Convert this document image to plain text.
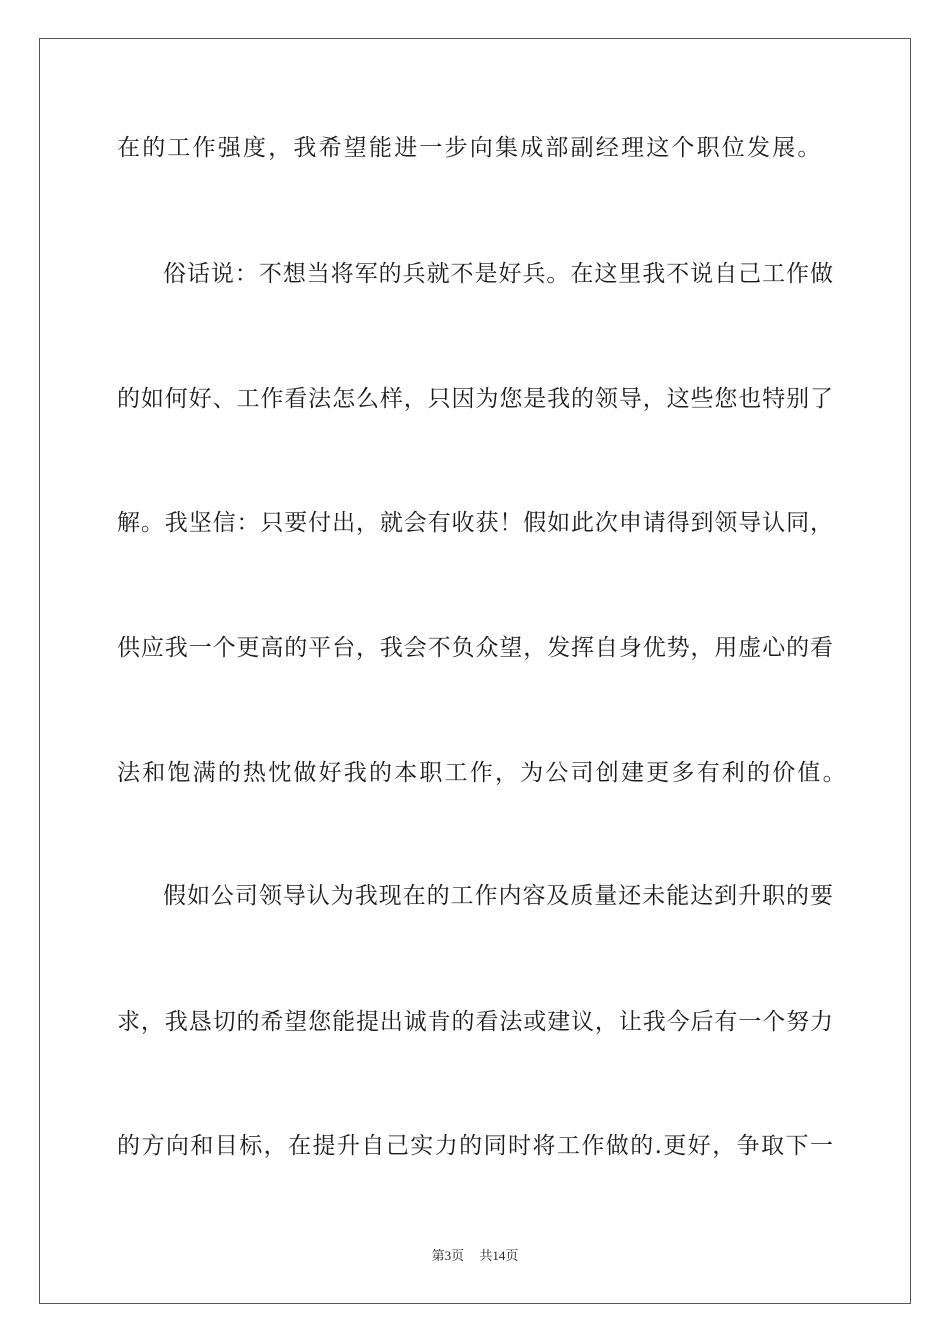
在的工作强度，我希望能进一步向集成部副经理这个职位发展。
俗话说：不想当将军的兵就不是好兵。在这里我不说自己工作做
的如何好、工作看法怎么样，只因为您是我的领导，这些您也特别了
解。我坚信：只要付出，就会有收获！假如此次申请得到领导认同，
供应我一个更高的平台，我会不负众望，发挥自身优势，用虚心的看
法和饱满的热忱做好我的本职工作，为公司创建更多有利的价值。
假如公司领导认为我现在的工作内容及质量还未能达到升职的要
求，我恳切的希望您能提出诚肯的看法或建议，让我今后有一个努力
的方向和目标，在提升自己实力的同时将工作做的.更好，争取下一
第3页 共14页
